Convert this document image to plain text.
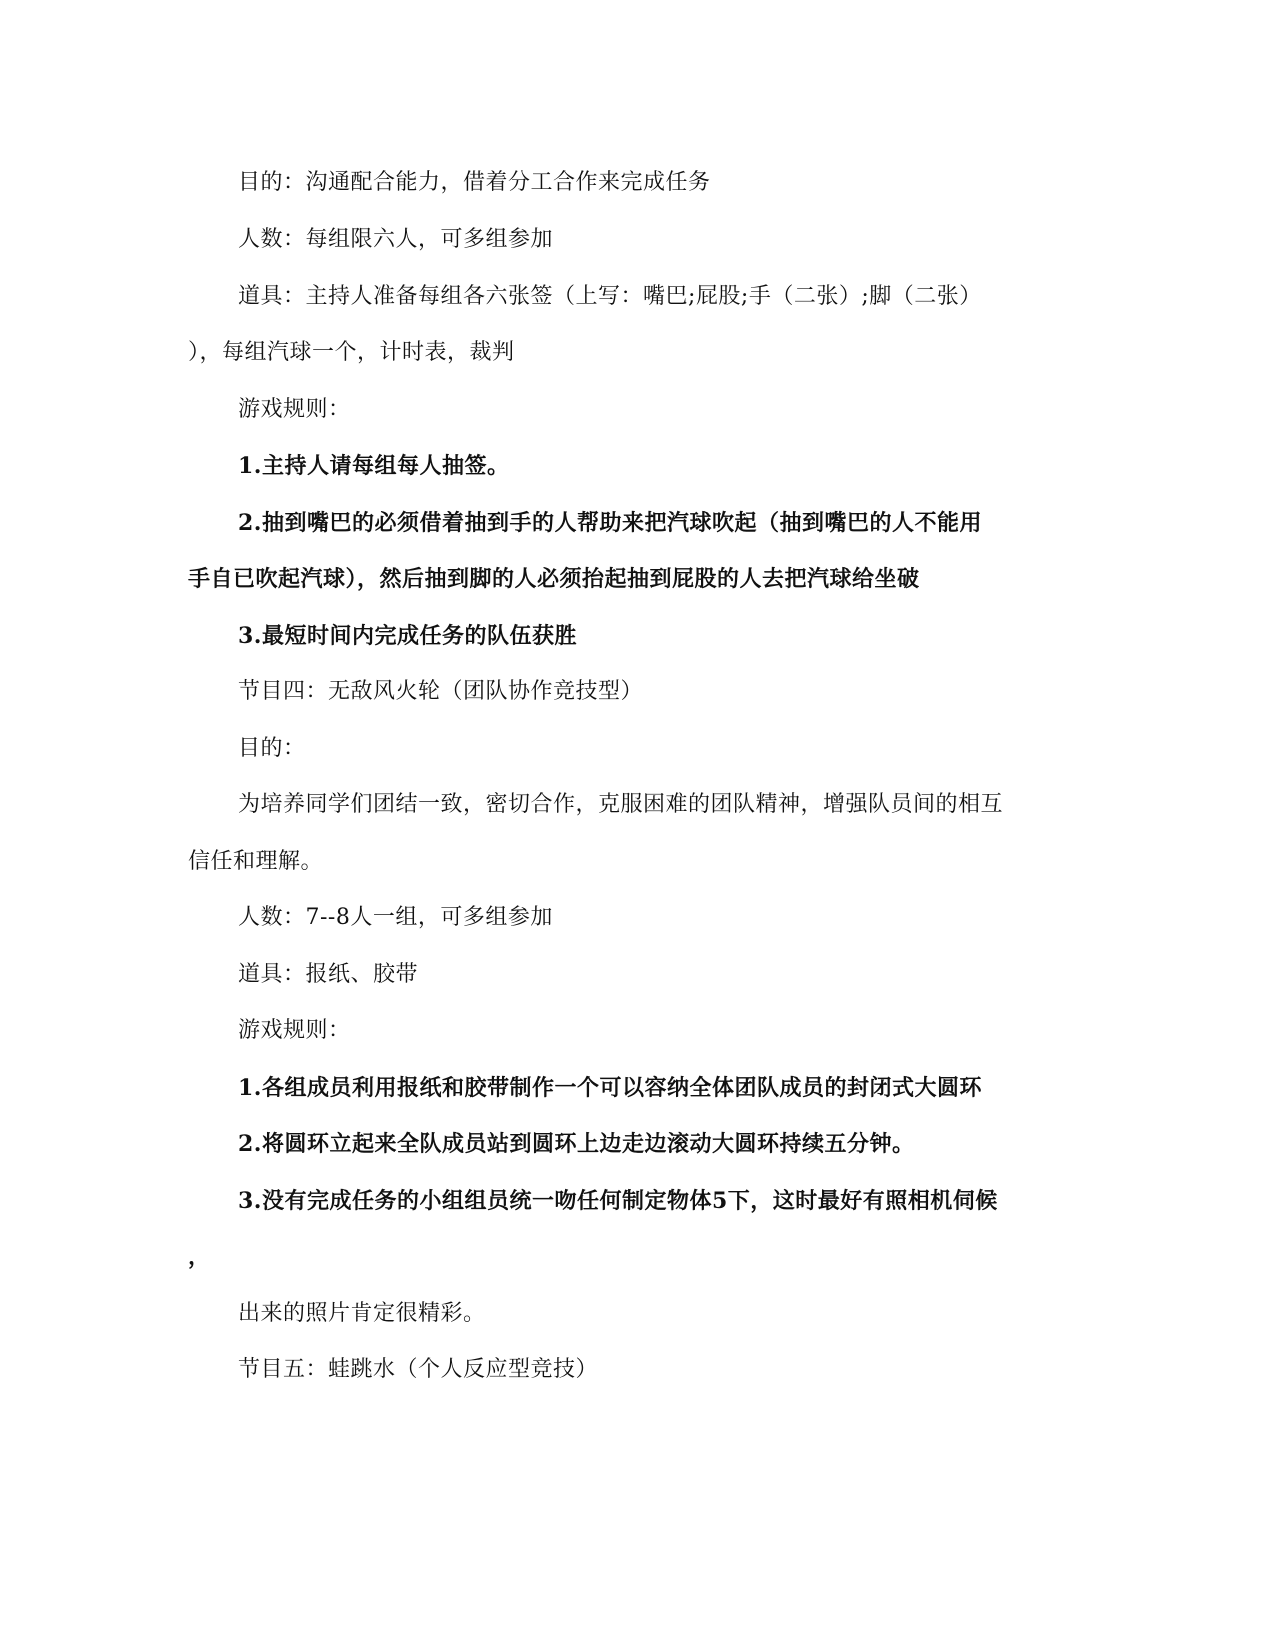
目的：沟通配合能力，借着分工合作来完成任务
人数：每组限六人，可多组参加
道具：主持人准备每组各六张签（上写：嘴巴;屁股;手（二张）;脚（二张）
），每组汽球一个，计时表，裁判
游戏规则：
1.主持人请每组每人抽签。
2.抽到嘴巴的必须借着抽到手的人帮助来把汽球吹起（抽到嘴巴的人不能用
手自已吹起汽球），然后抽到脚的人必须抬起抽到屁股的人去把汽球给坐破
3.最短时间内完成任务的队伍获胜
节目四：无敌风火轮（团队协作竞技型）
目的：
为培养同学们团结一致，密切合作，克服困难的团队精神，增强队员间的相互
信任和理解。
人数：7--8人一组，可多组参加
道具：报纸、胶带
游戏规则：
1.各组成员利用报纸和胶带制作一个可以容纳全体团队成员的封闭式大圆环
2.将圆环立起来全队成员站到圆环上边走边滚动大圆环持续五分钟。
3.没有完成任务的小组组员统一吻任何制定物体5下，这时最好有照相机伺候
，
出来的照片肯定很精彩。
节目五：蛙跳水（个人反应型竞技）
